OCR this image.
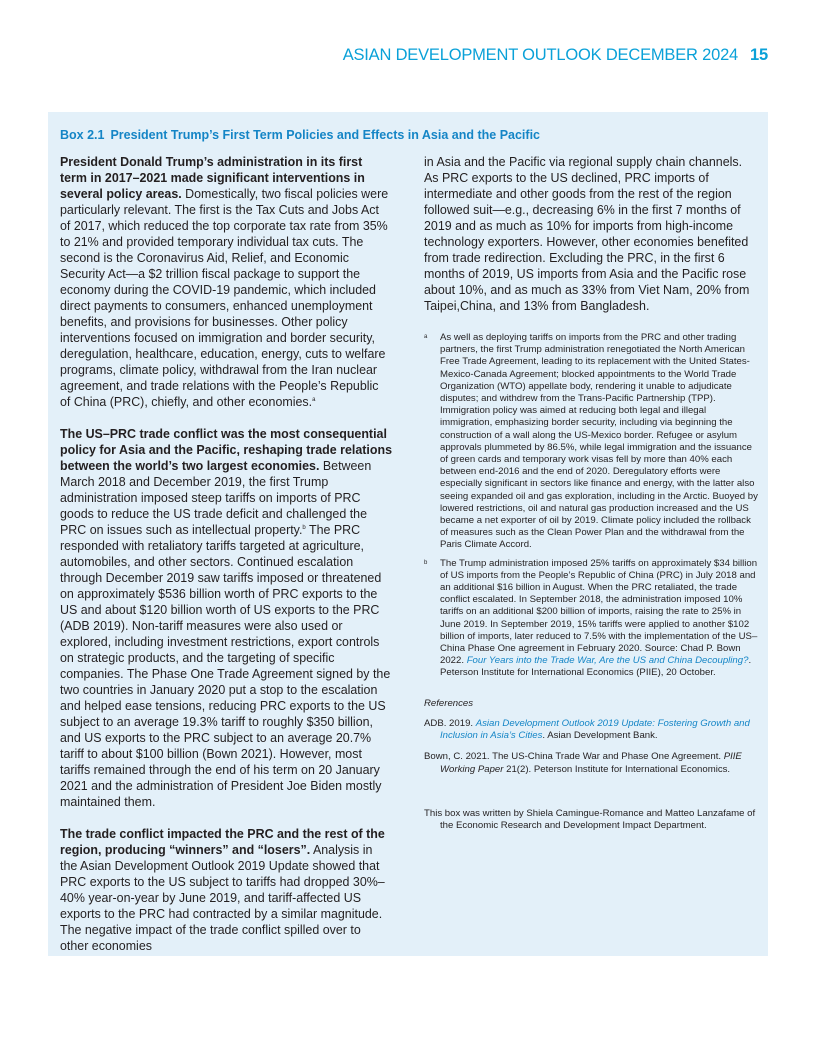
ASIAN DEVELOPMENT OUTLOOK DECEMBER 2024 15
Box 2.1 President Trump’s First Term Policies and Effects in Asia and the Pacific

President Donald Trump’s administration in its first term in 2017–2021 made significant interventions in several policy areas. Domestically, two fiscal policies were particularly relevant. The first is the Tax Cuts and Jobs Act of 2017, which reduced the top corporate tax rate from 35% to 21% and provided temporary individual tax cuts. The second is the Coronavirus Aid, Relief, and Economic Security Act—a $2 trillion fiscal package to support the economy during the COVID-19 pandemic, which included direct payments to consumers, enhanced unemployment benefits, and provisions for businesses. Other policy interventions focused on immigration and border security, deregulation, healthcare, education, energy, cuts to welfare programs, climate policy, withdrawal from the Iran nuclear agreement, and trade relations with the People’s Republic of China (PRC), chiefly, and other economies.$^a$

The US–PRC trade conflict was the most consequential policy for Asia and the Pacific, reshaping trade relations between the world’s two largest economies. Between March 2018 and December 2019, the first Trump administration imposed steep tariffs on imports of PRC goods to reduce the US trade deficit and challenged the PRC on issues such as intellectual property.$^b$ The PRC responded with retaliatory tariffs targeted at agriculture, automobiles, and other sectors. Continued escalation through December 2019 saw tariffs imposed or threatened on approximately $536 billion worth of PRC exports to the US and about $120 billion worth of US exports to the PRC (ADB 2019). Non-tariff measures were also used or explored, including investment restrictions, export controls on strategic products, and the targeting of specific companies. The Phase One Trade Agreement signed by the two countries in January 2020 put a stop to the escalation and helped ease tensions, reducing PRC exports to the US subject to an average 19.3% tariff to roughly $350 billion, and US exports to the PRC subject to an average 20.7% tariff to about $100 billion (Bown 2021). However, most tariffs remained through the end of his term on 20 January 2021 and the administration of President Joe Biden mostly maintained them.

The trade conflict impacted the PRC and the rest of the region, producing “winners” and “losers”. Analysis in the Asian Development Outlook 2019 Update showed that PRC exports to the US subject to tariffs had dropped 30%–40% year-on-year by June 2019, and tariff-affected US exports to the PRC had contracted by a similar magnitude. The negative impact of the trade conflict spilled over to other economies

in Asia and the Pacific via regional supply chain channels. As PRC exports to the US declined, PRC imports of intermediate and other goods from the rest of the region followed suit—e.g., decreasing 6% in the first 7 months of 2019 and as much as 10% for imports from high-income technology exporters. However, other economies benefited from trade redirection. Excluding the PRC, in the first 6 months of 2019, US imports from Asia and the Pacific rose about 10%, and as much as 33% from Viet Nam, 20% from Taipei,China, and 13% from Bangladesh.

a As well as deploying tariffs on imports from the PRC and other trading partners, the first Trump administration renegotiated the North American Free Trade Agreement, leading to its replacement with the United States-Mexico-Canada Agreement; blocked appointments to the World Trade Organization (WTO) appellate body, rendering it unable to adjudicate disputes; and withdrew from the Trans-Pacific Partnership (TPP). Immigration policy was aimed at reducing both legal and illegal immigration, emphasizing border security, including via beginning the construction of a wall along the US-Mexico border. Refugee or asylum approvals plummeted by 86.5%, while legal immigration and the issuance of green cards and temporary work visas fell by more than 40% each between end-2016 and the end of 2020. Deregulatory efforts were especially significant in sectors like finance and energy, with the latter also seeing expanded oil and gas exploration, including in the Arctic. Buoyed by lowered restrictions, oil and natural gas production increased and the US became a net exporter of oil by 2019. Climate policy included the rollback of measures such as the Clean Power Plan and the withdrawal from the Paris Climate Accord.
b The Trump administration imposed 25% tariffs on approximately $34 billion of US imports from the People’s Republic of China (PRC) in July 2018 and an additional $16 billion in August. When the PRC retaliated, the trade conflict escalated. In September 2018, the administration imposed 10% tariffs on an additional $200 billion of imports, raising the rate to 25% in June 2019. In September 2019, 15% tariffs were applied to another $102 billion of imports, later reduced to 7.5% with the implementation of the US–China Phase One agreement in February 2020. Source: Chad P. Bown 2022. Four Years into the Trade War, Are the US and China Decoupling?. Peterson Institute for International Economics (PIIE), 20 October.
References
ADB. 2019. Asian Development Outlook 2019 Update: Fostering Growth and Inclusion in Asia’s Cities. Asian Development Bank.
Bown, C. 2021. The US-China Trade War and Phase One Agreement. PIIE Working Paper 21(2). Peterson Institute for International Economics.
This box was written by Shiela Camingue-Romance and Matteo Lanzafame of the Economic Research and Development Impact Department.
